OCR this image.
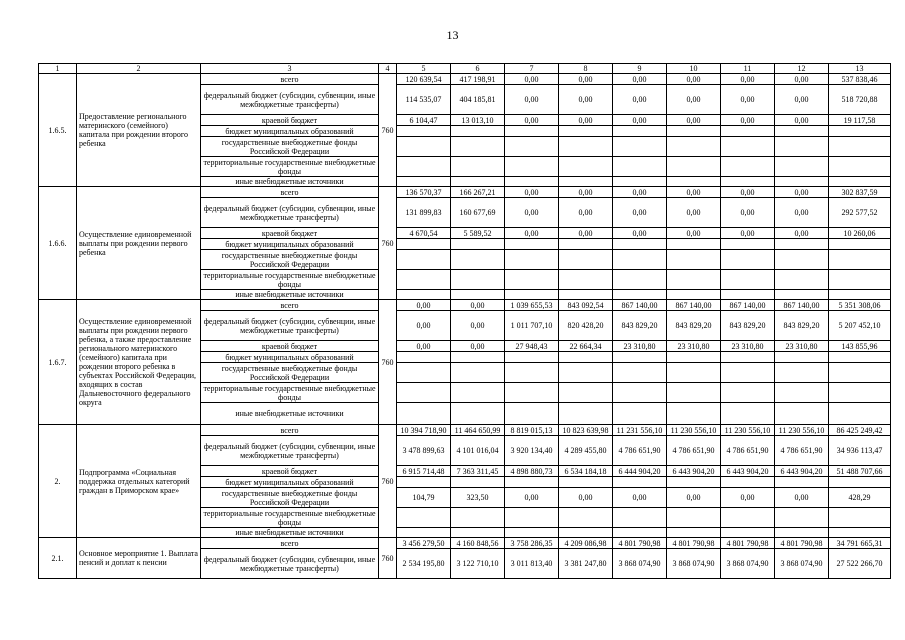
13
1	2	3	4	5	6	7	8	9	10	11	12	13
1.6.5.	Предоставление регионального материнского (семейного) капитала при рождении второго ребенка	всего	760	120 639,54	417 198,91	0,00	0,00	0,00	0,00	0,00	0,00	537 838,46
		федеральный бюджет (субсидии, субвенции, иные межбюджетные трансферты)		114 535,07	404 185,81	0,00	0,00	0,00	0,00	0,00	0,00	518 720,88
		краевой бюджет		6 104,47	13 013,10	0,00	0,00	0,00	0,00	0,00	0,00	19 117,58
		бюджет муниципальных образований										
		государственные внебюджетные фонды Российской Федерации										
		территориальные государственные внебюджетные фонды										
		иные внебюджетные источники										
1.6.6.	Осуществление единовременной выплаты при рождении первого ребенка	всего	760	136 570,37	166 267,21	0,00	0,00	0,00	0,00	0,00	0,00	302 837,59
		федеральный бюджет (субсидии, субвенции, иные межбюджетные трансферты)		131 899,83	160 677,69	0,00	0,00	0,00	0,00	0,00	0,00	292 577,52
		краевой бюджет		4 670,54	5 589,52	0,00	0,00	0,00	0,00	0,00	0,00	10 260,06
		бюджет муниципальных образований										
		государственные внебюджетные фонды Российской Федерации										
		территориальные государственные внебюджетные фонды										
		иные внебюджетные источники										
1.6.7.	Осуществление единовременной выплаты при рождении первого ребенка, а также предоставление регионального материнского (семейного) капитала при рождении второго ребенка в субъектах Российской Федерации, входящих в состав Дальневосточного федерального округа	всего	760	0,00	0,00	1 039 655,53	843 092,54	867 140,00	867 140,00	867 140,00	867 140,00	5 351 308,06
		федеральный бюджет (субсидии, субвенции, иные межбюджетные трансферты)		0,00	0,00	1 011 707,10	820 428,20	843 829,20	843 829,20	843 829,20	843 829,20	5 207 452,10
		краевой бюджет		0,00	0,00	27 948,43	22 664,34	23 310,80	23 310,80	23 310,80	23 310,80	143 855,96
		бюджет муниципальных образований										
		государственные внебюджетные фонды Российской Федерации										
		территориальные государственные внебюджетные фонды										
		иные внебюджетные источники										
2.	Подпрограмма «Социальная поддержка отдельных категорий граждан в Приморском крае»	всего	760	10 394 718,90	11 464 650,99	8 819 015,13	10 823 639,98	11 231 556,10	11 230 556,10	11 230 556,10	11 230 556,10	86 425 249,42
		федеральный бюджет (субсидии, субвенции, иные межбюджетные трансферты)		3 478 899,63	4 101 016,04	3 920 134,40	4 289 455,80	4 786 651,90	4 786 651,90	4 786 651,90	4 786 651,90	34 936 113,47
		краевой бюджет		6 915 714,48	7 363 311,45	4 898 880,73	6 534 184,18	6 444 904,20	6 443 904,20	6 443 904,20	6 443 904,20	51 488 707,66
		бюджет муниципальных образований										
		государственные внебюджетные фонды Российской Федерации		104,79	323,50	0,00	0,00	0,00	0,00	0,00	0,00	428,29
		территориальные государственные внебюджетные фонды										
		иные внебюджетные источники										
2.1.	Основное мероприятие 1. Выплата пенсий и доплат к пенсии	всего	760	3 456 279,50	4 160 848,56	3 758 286,35	4 209 086,98	4 801 790,98	4 801 790,98	4 801 790,98	4 801 790,98	34 791 665,31
		федеральный бюджет (субсидии, субвенции, иные межбюджетные трансферты)		2 534 195,80	3 122 710,10	3 011 813,40	3 381 247,80	3 868 074,90	3 868 074,90	3 868 074,90	3 868 074,90	27 522 266,70
